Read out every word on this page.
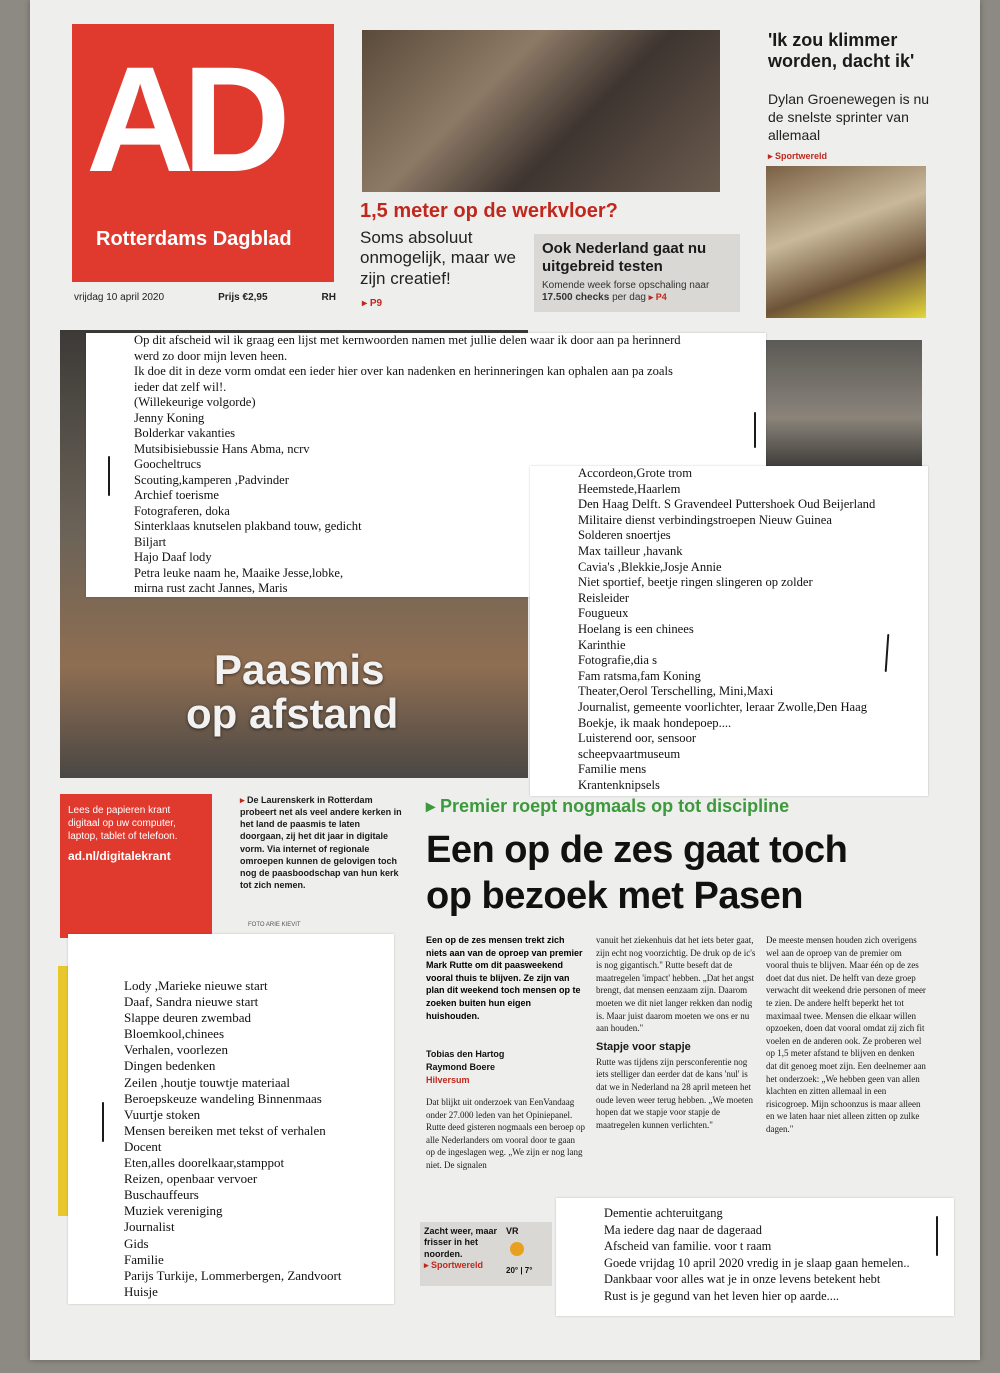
AD
Rotterdams Dagblad
vrijdag 10 april 2020	Prijs €2,95	RH
1,5 meter op de werkvloer?
Soms absoluut onmogelijk, maar we zijn creatief!
▸ P9
Ook Nederland gaat nu uitgebreid testen
Komende week forse opschaling naar 17.500 checks per dag ▸ P4
'Ik zou klimmer worden, dacht ik'
Dylan Groenewegen is nu de snelste sprinter van allemaal
▸ Sportwereld
Paasmis
op afstand
Lees de papieren krant digitaal op uw computer, laptop, tablet of telefoon.
ad.nl/digitalekrant
▸ De Laurenskerk in Rotterdam probeert net als veel andere kerken in het land de paasmis te laten doorgaan, zij het dit jaar in digitale vorm. Via internet of regionale omroepen kunnen de gelovigen toch nog de paasboodschap van hun kerk tot zich nemen.
FOTO ARIE KIEVIT
▸ Premier roept nogmaals op tot discipline
Een op de zes gaat toch
op bezoek met Pasen
Een op de zes mensen trekt zich niets aan van de oproep van premier Mark Rutte om dit paasweekend vooral thuis te blijven. Ze zijn van plan dit weekend toch mensen op te zoeken buiten hun eigen huishouden.
Tobias den Hartog
Raymond Boere
Hilversum
Dat blijkt uit onderzoek van EenVandaag onder 27.000 leden van het Opiniepanel. Rutte deed gisteren nogmaals een beroep op alle Nederlanders om vooral door te gaan op de ingeslagen weg. „We zijn er nog lang niet. De signalen
vanuit het ziekenhuis dat het iets beter gaat, zijn echt nog voorzichtig. De druk op de ic's is nog gigantisch." Rutte beseft dat de maatregelen 'impact' hebben. „Dat het angst brengt, dat mensen eenzaam zijn. Daarom moeten we dit niet langer rekken dan nodig is. Maar juist daarom moeten we ons er nu aan houden."
Stapje voor stapje
Rutte was tijdens zijn persconferentie nog iets stelliger dan eerder dat de kans 'nul' is dat we in Nederland na 28 april meteen het oude leven weer terug hebben. „We moeten hopen dat we stapje voor stapje de maatregelen kunnen verlichten."
De meeste mensen houden zich overigens wel aan de oproep van de premier om vooral thuis te blijven. Maar één op de zes doet dat dus niet. De helft van deze groep verwacht dit weekend drie personen of meer te zien. De andere helft beperkt het tot maximaal twee. Mensen die elkaar willen opzoeken, doen dat vooral omdat zij zich fit voelen en de anderen ook. Ze proberen wel op 1,5 meter afstand te blijven en denken dat dit genoeg moet zijn. Een deelnemer aan het onderzoek: „We hebben geen van allen klachten en zitten allemaal in een risicogroep. Mijn schoonzus is maar alleen en we laten haar niet alleen zitten op zulke dagen."
Zacht weer, maar frisser in het noorden.
▸ Sportwereld
VR
20° | 7°
Op dit afscheid wil ik graag een lijst met kernwoorden namen met jullie delen waar ik door aan pa herinnerd
werd zo door mijn leven heen.
Ik doe dit in deze vorm omdat een ieder hier over kan nadenken en herinneringen kan ophalen aan pa zoals
ieder dat zelf wil!.
(Willekeurige volgorde)
Jenny Koning
Bolderkar vakanties
Mutsibisiebussie Hans Abma, ncrv
Goocheltrucs
Scouting,kamperen ,Padvinder
Archief toerisme
Fotograferen, doka
Sinterklaas knutselen plakband touw, gedicht
Biljart
Hajo Daaf lody
Petra leuke naam he, Maaike Jesse,lobke,
mirna rust zacht Jannes, Maris
Accordeon,Grote trom
Heemstede,Haarlem
Den Haag Delft. S Gravendeel Puttershoek Oud Beijerland
Militaire dienst verbindingstroepen Nieuw Guinea
Solderen snoertjes
Max tailleur ,havank
Cavia's ,Blekkie,Josje Annie
Niet sportief, beetje ringen slingeren op zolder
Reisleider
Fougueux
Hoelang is een chinees
Karinthie
Fotografie,dia s
Fam ratsma,fam Koning
Theater,Oerol Terschelling, Mini,Maxi
Journalist, gemeente voorlichter, leraar Zwolle,Den Haag
Boekje, ik maak hondepoep....
Luisterend oor, sensoor
scheepvaartmuseum
Familie mens
Krantenknipsels
Lody ,Marieke nieuwe start
Daaf, Sandra nieuwe start
Slappe deuren zwembad
Bloemkool,chinees
Verhalen, voorlezen
Dingen bedenken
Zeilen ,houtje touwtje materiaal
Beroepskeuze wandeling Binnenmaas
Vuurtje stoken
Mensen bereiken met tekst of verhalen
Docent
Eten,alles doorelkaar,stamppot
Reizen, openbaar vervoer
Buschauffeurs
Muziek vereniging
Journalist
Gids
Familie
Parijs Turkije, Lommerbergen, Zandvoort
Huisje
Dementie achteruitgang
Ma iedere dag naar de dageraad
Afscheid van familie. voor t raam
Goede vrijdag 10 april 2020 vredig in je slaap gaan hemelen..
Dankbaar voor alles wat je in onze levens betekent hebt
Rust is je gegund van het leven hier op aarde....
